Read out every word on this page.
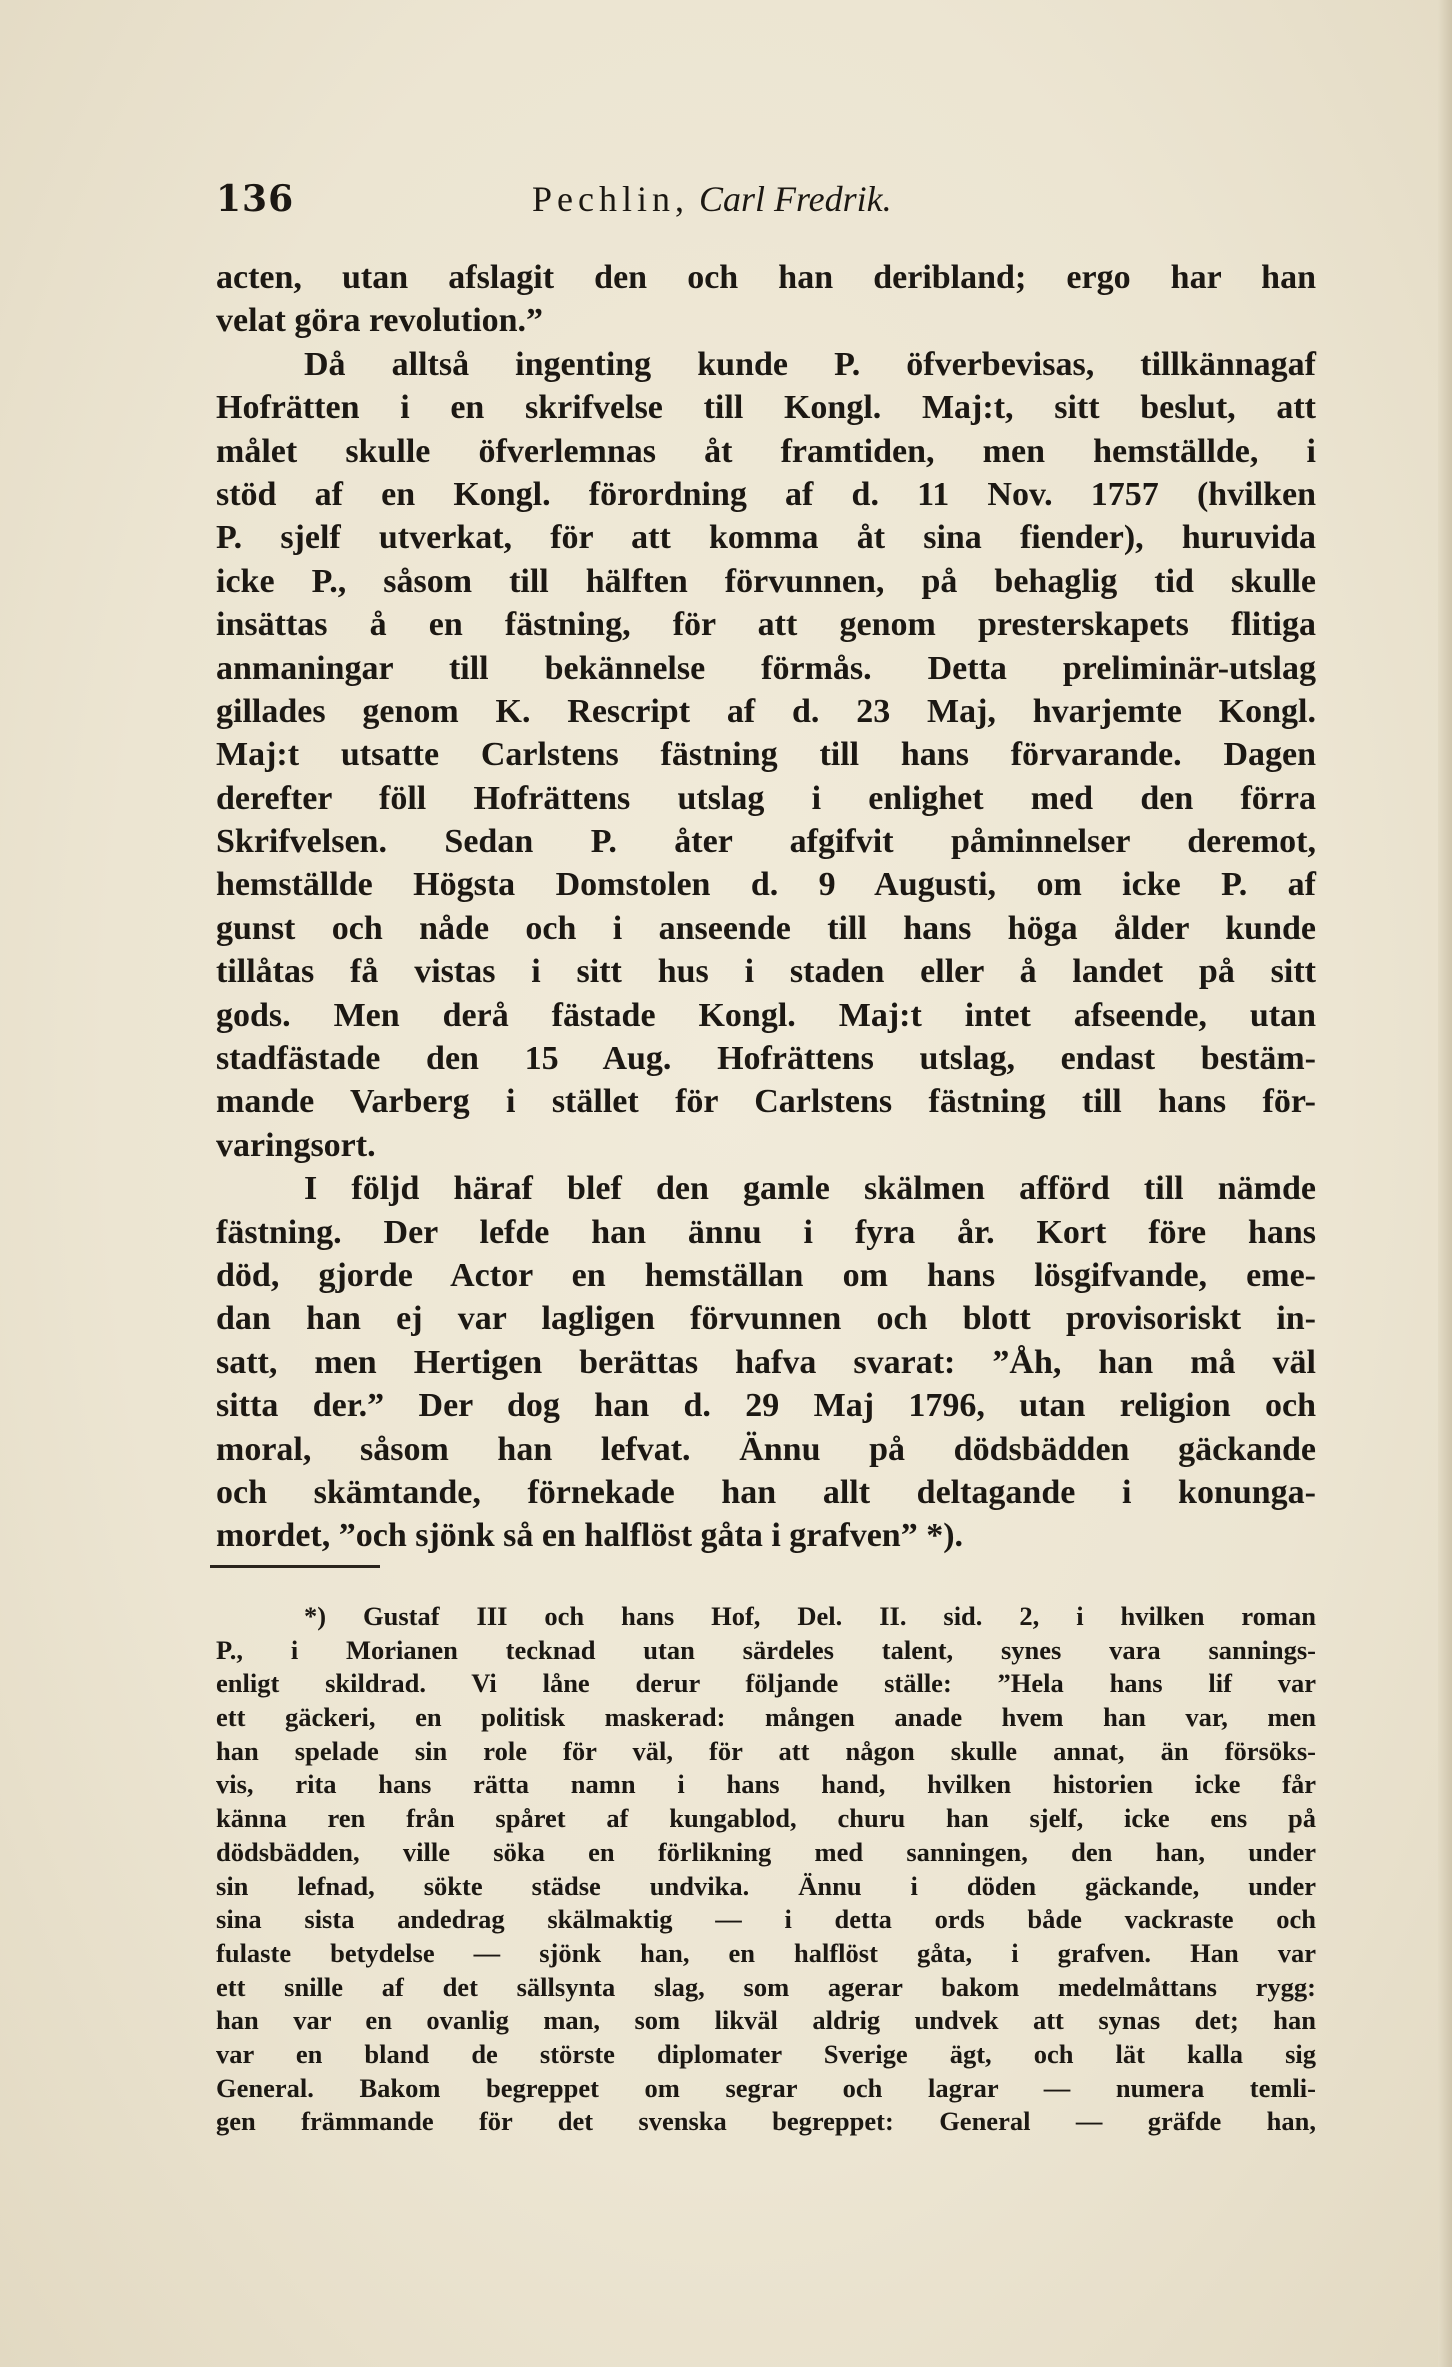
136	Pechlin, Carl Fredrik.
acten, utan afslagit den och han deribland; ergo har han
velat göra revolution.”
Då alltså ingenting kunde P. öfverbevisas, tillkännagaf
Hofrätten i en skrifvelse till Kongl. Maj:t, sitt beslut, att
målet skulle öfverlemnas åt framtiden, men hemställde, i
stöd af en Kongl. förordning af d. 11 Nov. 1757 (hvilken
P. sjelf utverkat, för att komma åt sina fiender), huruvida
icke P., såsom till hälften förvunnen, på behaglig tid skulle
insättas å en fästning, för att genom presterskapets flitiga
anmaningar till bekännelse förmås. Detta preliminär-utslag
gillades genom K. Rescript af d. 23 Maj, hvarjemte Kongl.
Maj:t utsatte Carlstens fästning till hans förvarande. Dagen
derefter föll Hofrättens utslag i enlighet med den förra
Skrifvelsen. Sedan P. åter afgifvit påminnelser deremot,
hemställde Högsta Domstolen d. 9 Augusti, om icke P. af
gunst och nåde och i anseende till hans höga ålder kunde
tillåtas få vistas i sitt hus i staden eller å landet på sitt
gods. Men derå fästade Kongl. Maj:t intet afseende, utan
stadfästade den 15 Aug. Hofrättens utslag, endast bestäm-
mande Varberg i stället för Carlstens fästning till hans för-
varingsort.
I följd häraf blef den gamle skälmen afförd till nämde
fästning. Der lefde han ännu i fyra år. Kort före hans
död, gjorde Actor en hemställan om hans lösgifvande, eme-
dan han ej var lagligen förvunnen och blott provisoriskt in-
satt, men Hertigen berättas hafva svarat: ”Åh, han må väl
sitta der.” Der dog han d. 29 Maj 1796, utan religion och
moral, såsom han lefvat. Ännu på dödsbädden gäckande
och skämtande, förnekade han allt deltagande i konunga-
mordet, ”och sjönk så en halflöst gåta i grafven” *).
*) Gustaf III och hans Hof, Del. II. sid. 2, i hvilken roman
P., i Morianen tecknad utan särdeles talent, synes vara sannings-
enligt skildrad. Vi låne derur följande ställe: ”Hela hans lif var
ett gäckeri, en politisk maskerad: mången anade hvem han var, men
han spelade sin role för väl, för att någon skulle annat, än försöks-
vis, rita hans rätta namn i hans hand, hvilken historien icke får
känna ren från spåret af kungablod, churu han sjelf, icke ens på
dödsbädden, ville söka en förlikning med sanningen, den han, under
sin lefnad, sökte städse undvika. Ännu i döden gäckande, under
sina sista andedrag skälmaktig — i detta ords både vackraste och
fulaste betydelse — sjönk han, en halflöst gåta, i grafven. Han var
ett snille af det sällsynta slag, som agerar bakom medelmåttans rygg:
han var en ovanlig man, som likväl aldrig undvek att synas det; han
var en bland de störste diplomater Sverige ägt, och lät kalla sig
General. Bakom begreppet om segrar och lagrar — numera temli-
gen främmande för det svenska begreppet: General — gräfde han,
